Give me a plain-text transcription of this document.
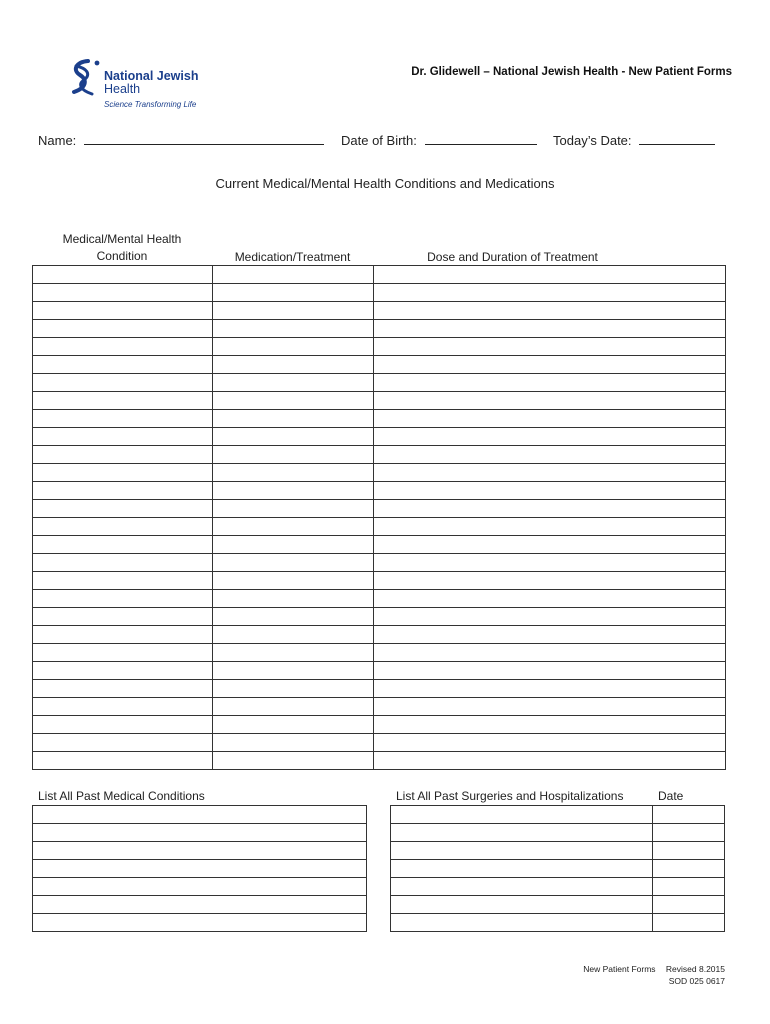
National Jewish
Health
Science Transforming Life
Dr. Glidewell – National Jewish Health - New Patient Forms
Name:	Date of Birth:	Today’s Date:
Current Medical/Mental Health Conditions and Medications
Medical/Mental Health
Condition	Medication/Treatment	Dose and Duration of Treatment

List All Past Medical Conditions	List All Past Surgeries and Hospitalizations	Date

New Patient Forms Revised 8.2015
SOD 025 0617
